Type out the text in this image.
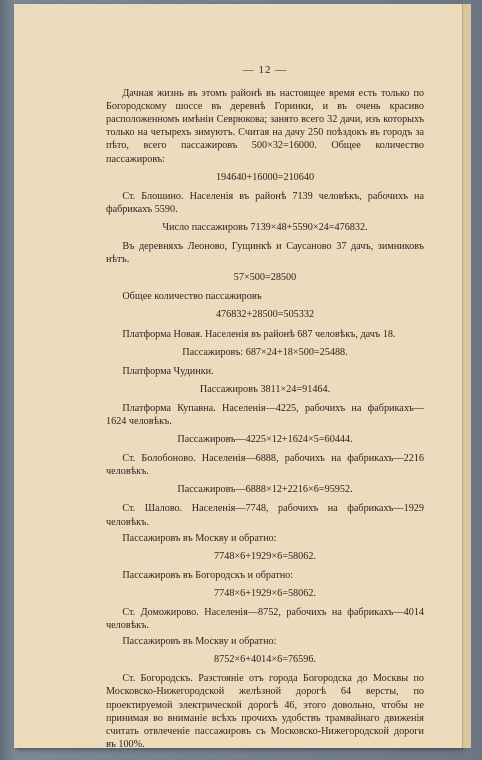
— 12 —

Дачная жизнь въ этомъ районѣ въ настоящее время есть только по Богородскому шоссе въ деревнѣ Горинки, и въ очень красиво расположенномъ имѣніи Севрюкова; занято всего 32 дачи, изъ которыхъ только на четырехъ зимуютъ. Считая на дачу 250 поѣздокъ въ городъ за пѣто, всего пассажировъ 500×32=16000. Общее количество пассажировъ:

194640+16000=210640

Ст. Блошино. Населенія въ районѣ 7139 человѣкъ, рабочихъ на фабрикахъ 5590.

Число пассажировъ 7139×48+5590×24=476832.

Въ деревняхъ Леоново, Гущинкѣ и Саусаново 37 дачъ, зимниковъ нѣтъ.

57×500=28500
Общее количество пассажировъ
476832+28500=505332

Платформа Новая. Населенія въ районѣ 687 человѣкъ, дачъ 18.

Пассажировъ: 687×24+18×500=25488.
Платформа Чудинки.
Пассажировъ 3811×24=91464.

Платформа Купавна. Населенія—4225, рабочихъ на фабрикахъ—1624 человѣкъ.

Пассажировъ—4225×12+1624×5=60444.

Ст. Болобоново. Населенія—6888, рабочихъ на фабрикахъ—2216 человѣкъ.

Пассажировъ—6888×12+2216×6=95952.

Ст. Шалово. Населенія—7748, рабочихъ на фабрикахъ—1929 человѣкъ.

Пассажировъ въ Москву и обратно:
7748×6+1929×6=58062.
Пассажировъ въ Богородскъ и обратно:
7748×6+1929×6=58062.

Ст. Доможирово. Населенія—8752, рабочихъ на фабрикахъ—4014 человѣкъ.

Пассажировъ въ Москву и обратно:
8752×6+4014×6=76596.

Ст. Богородскъ. Разстояніе отъ города Богородска до Москвы по Московско-Нижегородской желѣзной дорогѣ 64 версты, по проектируемой электрической дорогѣ 46, этого довольно, чтобы не принимая во вниманіе всѣхъ прочихъ удобствъ трамвайнаго движенія считать отвлеченіе пассажировъ съ Московско-Нижегородской дороги въ 100%.
